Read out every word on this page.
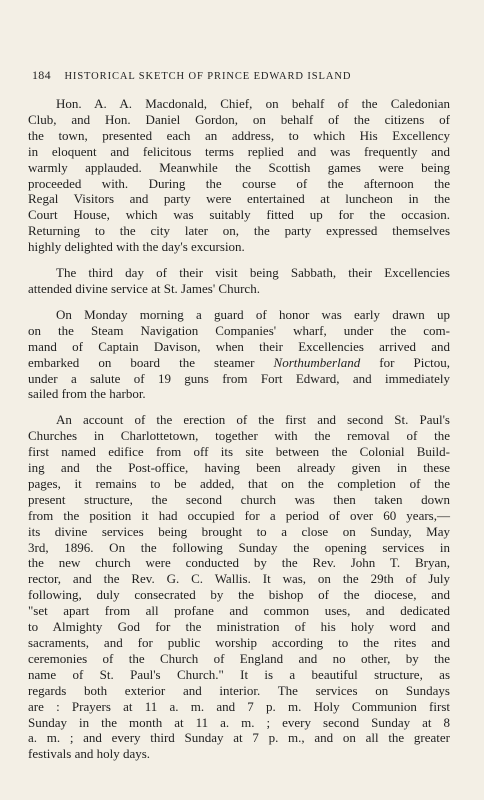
184 HISTORICAL SKETCH OF PRINCE EDWARD ISLAND
Hon. A. A. Macdonald, Chief, on behalf of the Caledonian
Club, and Hon. Daniel Gordon, on behalf of the citizens of
the town, presented each an address, to which His Excellency
in eloquent and felicitous terms replied and was frequently and
warmly applauded. Meanwhile the Scottish games were being
proceeded with. During the course of the afternoon the
Regal Visitors and party were entertained at luncheon in the
Court House, which was suitably fitted up for the occasion.
Returning to the city later on, the party expressed themselves
highly delighted with the day's excursion.
The third day of their visit being Sabbath, their Excellencies
attended divine service at St. James' Church.
On Monday morning a guard of honor was early drawn up
on the Steam Navigation Companies' wharf, under the com-
mand of Captain Davison, when their Excellencies arrived and
embarked on board the steamer Northumberland for Pictou,
under a salute of 19 guns from Fort Edward, and immediately
sailed from the harbor.
An account of the erection of the first and second St. Paul's
Churches in Charlottetown, together with the removal of the
first named edifice from off its site between the Colonial Build-
ing and the Post-office, having been already given in these
pages, it remains to be added, that on the completion of the
present structure, the second church was then taken down
from the position it had occupied for a period of over 60 years,—
its divine services being brought to a close on Sunday, May
3rd, 1896. On the following Sunday the opening services in
the new church were conducted by the Rev. John T. Bryan,
rector, and the Rev. G. C. Wallis. It was, on the 29th of July
following, duly consecrated by the bishop of the diocese, and
"set apart from all profane and common uses, and dedicated
to Almighty God for the ministration of his holy word and
sacraments, and for public worship according to the rites and
ceremonies of the Church of England and no other, by the
name of St. Paul's Church." It is a beautiful structure, as
regards both exterior and interior. The services on Sundays
are : Prayers at 11 a. m. and 7 p. m. Holy Communion first
Sunday in the month at 11 a. m. ; every second Sunday at 8
a. m. ; and every third Sunday at 7 p. m., and on all the greater
festivals and holy days.
